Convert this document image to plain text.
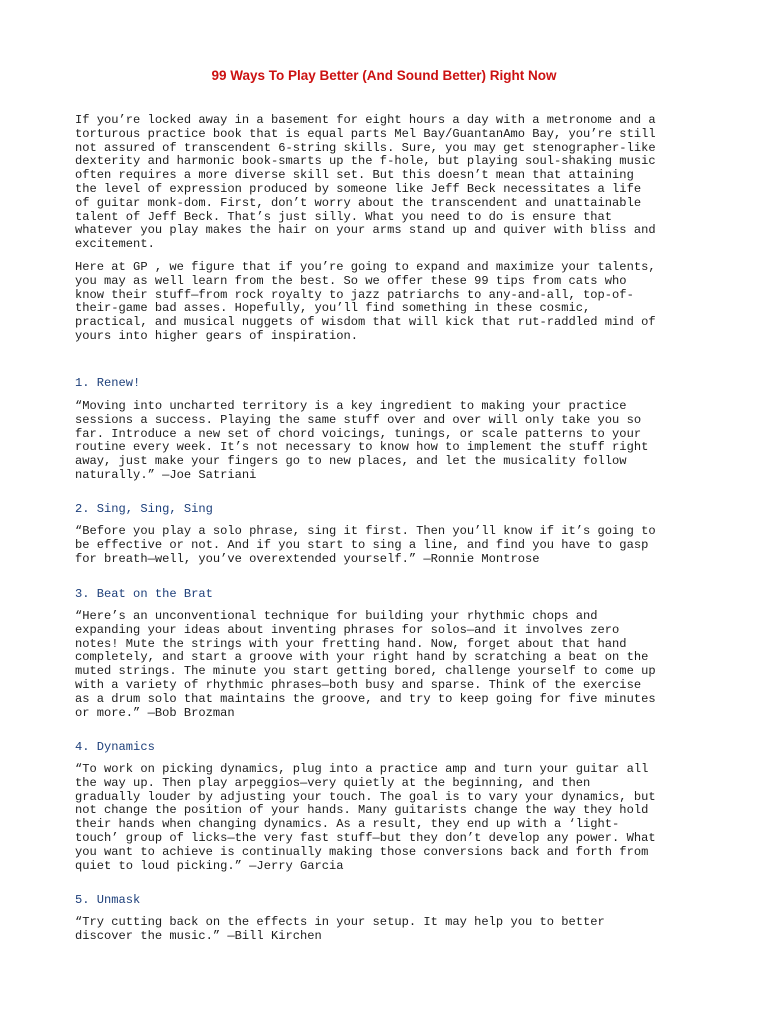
99 Ways To Play Better (And Sound Better) Right Now

If you’re locked away in a basement for eight hours a day with a metronome and a
torturous practice book that is equal parts Mel Bay/GuantanAmo Bay, you’re still
not assured of transcendent 6-string skills. Sure, you may get stenographer-like
dexterity and harmonic book-smarts up the f-hole, but playing soul-shaking music
often requires a more diverse skill set. But this doesn’t mean that attaining
the level of expression produced by someone like Jeff Beck necessitates a life
of guitar monk-dom. First, don’t worry about the transcendent and unattainable
talent of Jeff Beck. That’s just silly. What you need to do is ensure that
whatever you play makes the hair on your arms stand up and quiver with bliss and
excitement.

Here at GP , we figure that if you’re going to expand and maximize your talents,
you may as well learn from the best. So we offer these 99 tips from cats who
know their stuff—from rock royalty to jazz patriarchs to any-and-all, top-of-
their-game bad asses. Hopefully, you’ll find something in these cosmic,
practical, and musical nuggets of wisdom that will kick that rut-raddled mind of
yours into higher gears of inspiration.

1. Renew!

“Moving into uncharted territory is a key ingredient to making your practice
sessions a success. Playing the same stuff over and over will only take you so
far. Introduce a new set of chord voicings, tunings, or scale patterns to your
routine every week. It’s not necessary to know how to implement the stuff right
away, just make your fingers go to new places, and let the musicality follow
naturally.” —Joe Satriani

2. Sing, Sing, Sing

“Before you play a solo phrase, sing it first. Then you’ll know if it’s going to
be effective or not. And if you start to sing a line, and find you have to gasp
for breath—well, you’ve overextended yourself.” —Ronnie Montrose

3. Beat on the Brat

“Here’s an unconventional technique for building your rhythmic chops and
expanding your ideas about inventing phrases for solos—and it involves zero
notes! Mute the strings with your fretting hand. Now, forget about that hand
completely, and start a groove with your right hand by scratching a beat on the
muted strings. The minute you start getting bored, challenge yourself to come up
with a variety of rhythmic phrases—both busy and sparse. Think of the exercise
as a drum solo that maintains the groove, and try to keep going for five minutes
or more.” —Bob Brozman

4. Dynamics

“To work on picking dynamics, plug into a practice amp and turn your guitar all
the way up. Then play arpeggios—very quietly at the beginning, and then
gradually louder by adjusting your touch. The goal is to vary your dynamics, but
not change the position of your hands. Many guitarists change the way they hold
their hands when changing dynamics. As a result, they end up with a ‘light-
touch’ group of licks—the very fast stuff—but they don’t develop any power. What
you want to achieve is continually making those conversions back and forth from
quiet to loud picking.” —Jerry Garcia

5. Unmask

“Try cutting back on the effects in your setup. It may help you to better
discover the music.” —Bill Kirchen
